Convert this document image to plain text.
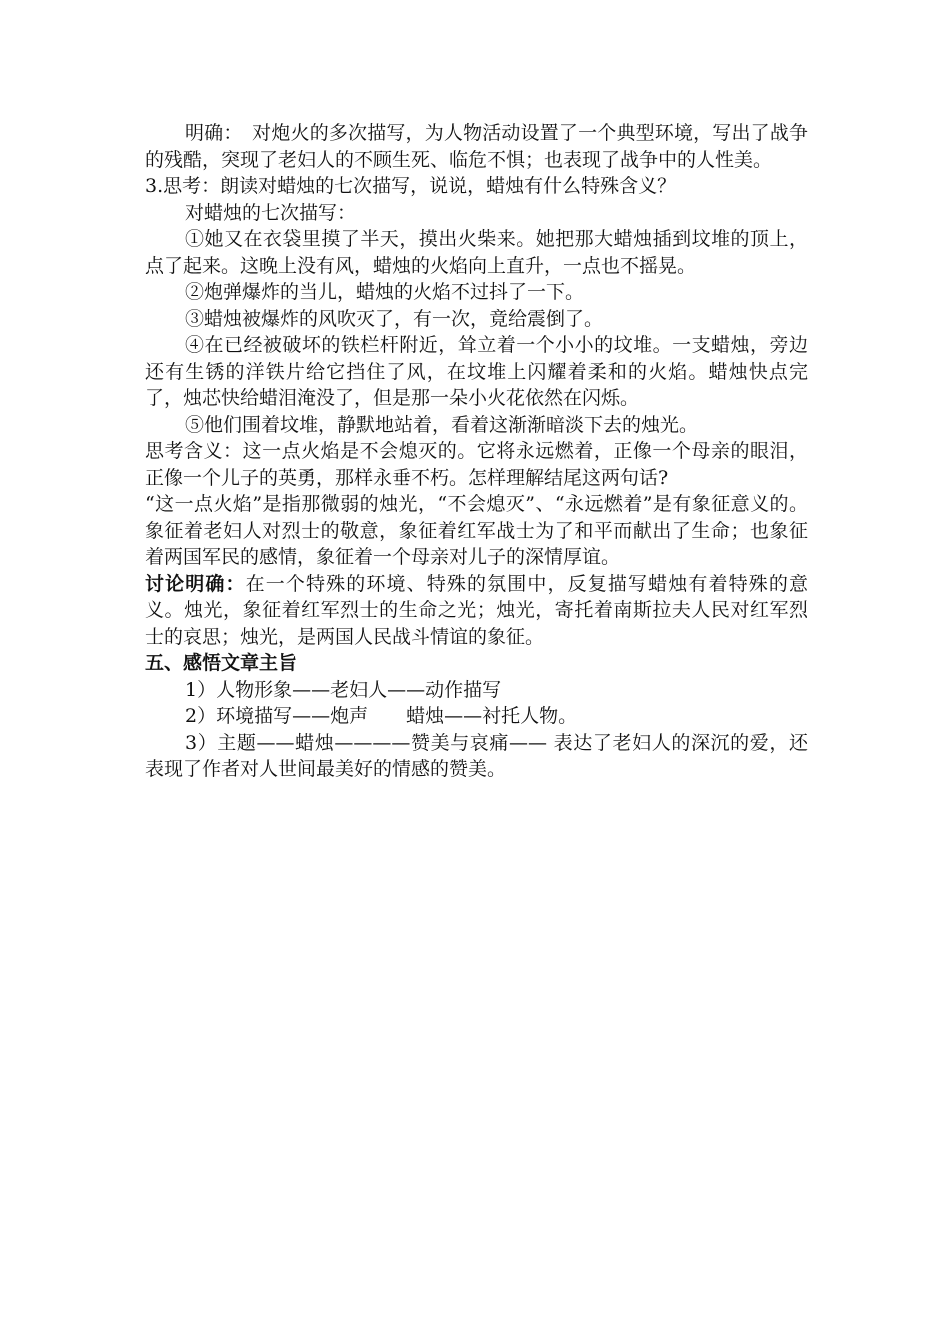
明确：　对炮火的多次描写，为人物活动设置了一个典型环境，写出了战争的残酷，突现了老妇人的不顾生死、临危不惧；也表现了战争中的人性美。

3.思考：朗读对蜡烛的七次描写，说说，蜡烛有什么特殊含义？

对蜡烛的七次描写：

①她又在衣袋里摸了半天，摸出火柴来。她把那大蜡烛插到坟堆的顶上，点了起来。这晚上没有风，蜡烛的火焰向上直升，一点也不摇晃。

②炮弹爆炸的当儿，蜡烛的火焰不过抖了一下。

③蜡烛被爆炸的风吹灭了，有一次，竟给震倒了。

④在已经被破坏的铁栏杆附近，耸立着一个小小的坟堆。一支蜡烛，旁边还有生锈的洋铁片给它挡住了风，在坟堆上闪耀着柔和的火焰。蜡烛快点完了，烛芯快给蜡泪淹没了，但是那一朵小火花依然在闪烁。

⑤他们围着坟堆，静默地站着，看着这渐渐暗淡下去的烛光。

思考含义：这一点火焰是不会熄灭的。它将永远燃着，正像一个母亲的眼泪，正像一个儿子的英勇，那样永垂不朽。怎样理解结尾这两句话?

“这一点火焰”是指那微弱的烛光，“不会熄灭”、“永远燃着”是有象征意义的。象征着老妇人对烈士的敬意，象征着红军战士为了和平而献出了生命；也象征着两国军民的感情，象征着一个母亲对儿子的深情厚谊。

讨论明确：在一个特殊的环境、特殊的氛围中，反复描写蜡烛有着特殊的意义。烛光，象征着红军烈士的生命之光；烛光，寄托着南斯拉夫人民对红军烈士的哀思；烛光，是两国人民战斗情谊的象征。

五、感悟文章主旨

1）人物形象——老妇人——动作描写

2）环境描写——炮声　　蜡烛——衬托人物。

3）主题——蜡烛————赞美与哀痛—— 表达了老妇人的深沉的爱，还表现了作者对人世间最美好的情感的赞美。
